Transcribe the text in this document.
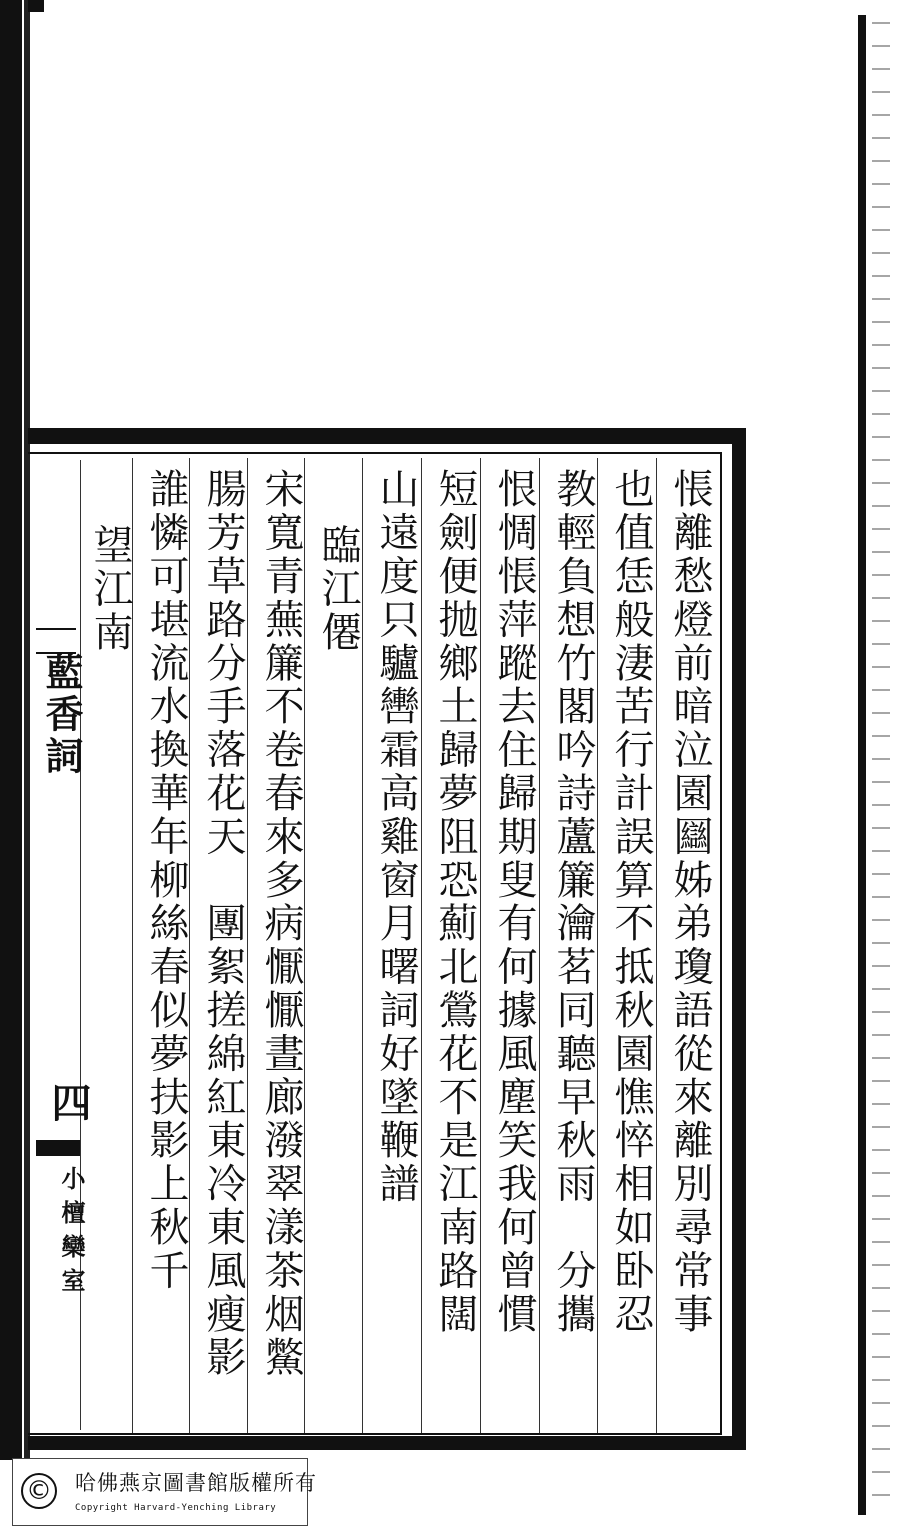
藍香詞
四
小檀欒室	悵離愁燈前暗泣園圝姊弟瓊語從來離別尋常事
也值恁般淒苦行計誤算不抵秋園憔悴相如卧忍
教輕負想竹閣吟詩蘆簾瀹茗同聽早秋雨　分攜
恨惆悵萍蹤去住歸期叟有何據風塵笑我何曾慣
短劍便抛鄉土歸夢阻恐薊北鶯花不是江南路闊
山遠度只驢轡霜高雞窗月曙詞好墜鞭譜
臨江僊
宋寬青蕪簾不卷春來多病懨懨晝廊潑翠漾茶烟鱉
腸芳草路分手落花天　團絮搓綿紅東冷東風瘦影
誰憐可堪流水換華年柳絲春似夢扶影上秋千
望江南
© 哈佛燕京圖書館版權所有
Copyright Harvard-Yenching Library
